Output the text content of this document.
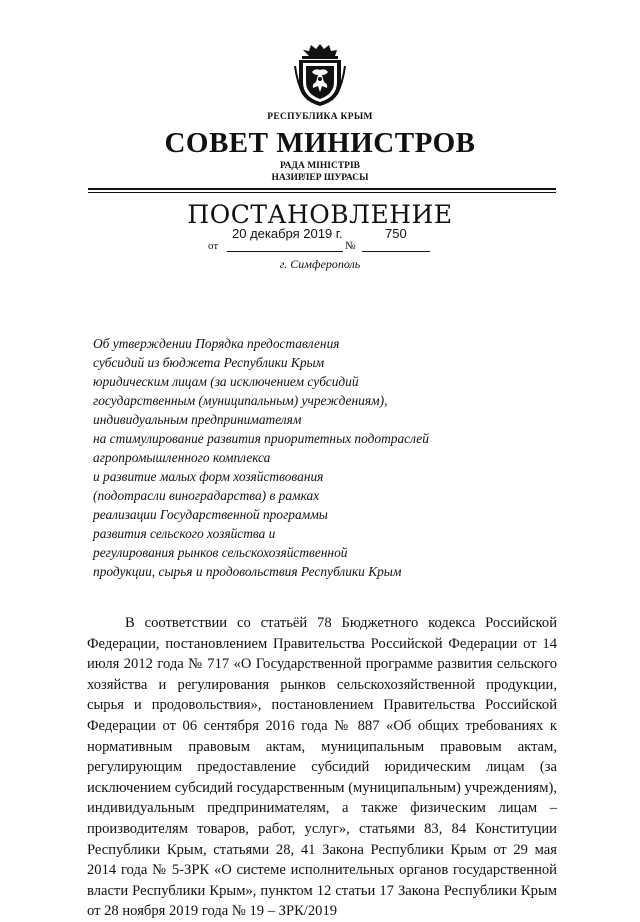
РЕСПУБЛИКА КРЫМ
СОВЕТ МИНИСТРОВ
РАДА МІНІСТРІВ
НАЗИРЛЕР ШУРАСЫ
ПОСТАНОВЛЕНИЕ
20 декабря 2019 г.	750
от	№
г. Симферополь
Об утверждении Порядка предоставления
субсидий из бюджета Республики Крым
юридическим лицам (за исключением субсидий
государственным (муниципальным) учреждениям),
индивидуальным предпринимателям
на стимулирование развития приоритетных подотраслей
агропромышленного комплекса
и развитие малых форм хозяйствования
(подотрасли виноградарства) в рамках
реализации Государственной программы
развития сельского хозяйства и
регулирования рынков сельскохозяйственной
продукции, сырья и продовольствия Республики Крым
В соответствии со статьёй 78 Бюджетного кодекса Российской Федерации, постановлением Правительства Российской Федерации от 14 июля 2012 года № 717 «О Государственной программе развития сельского хозяйства и регулирования рынков сельскохозяйственной продукции, сырья и продовольствия», постановлением Правительства Российской Федерации от 06 сентября 2016 года № 887 «Об общих требованиях к нормативным правовым актам, муниципальным правовым актам, регулирующим предоставление субсидий юридическим лицам (за исключением субсидий государственным (муниципальным) учреждениям), индивидуальным предпринимателям, а также физическим лицам – производителям товаров, работ, услуг», статьями 83, 84 Конституции Республики Крым, статьями 28, 41 Закона Республики Крым от 29 мая 2014 года № 5-ЗРК «О системе исполнительных органов государственной власти Республики Крым», пунктом 12 статьи 17 Закона Республики Крым от 28 ноября 2019 года № 19 – ЗРК/2019
